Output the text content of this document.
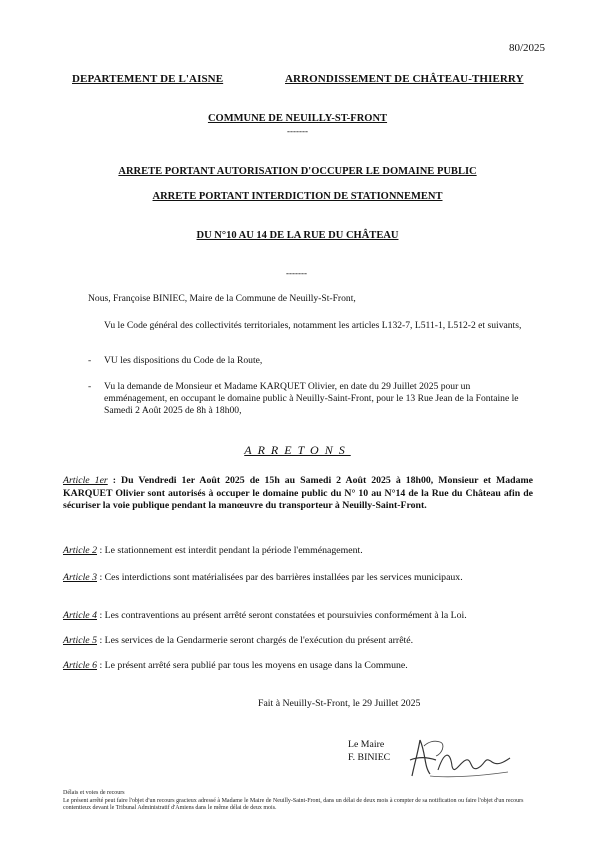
80/2025
DEPARTEMENT DE L'AISNE	ARRONDISSEMENT DE CHÂTEAU-THIERRY
COMMUNE DE NEUILLY-ST-FRONT
-------
ARRETE PORTANT AUTORISATION D'OCCUPER LE DOMAINE PUBLIC
ARRETE PORTANT INTERDICTION DE STATIONNEMENT
DU N°10 AU 14 DE LA RUE DU CHÂTEAU
-------
Nous, Françoise BINIEC, Maire de la Commune de Neuilly-St-Front,
Vu le Code général des collectivités territoriales, notamment les articles L132-7, L511-1, L512-2 et suivants,
- VU les dispositions du Code de la Route,
- Vu la demande de Monsieur et Madame KARQUET Olivier, en date du 29 Juillet 2025 pour un emménagement, en occupant le domaine public à Neuilly-Saint-Front, pour le 13 Rue Jean de la Fontaine le Samedi 2 Août 2025 de 8h à 18h00,
ARRETONS
Article 1er : Du Vendredi 1er Août 2025 de 15h au Samedi 2 Août 2025 à 18h00, Monsieur et Madame KARQUET Olivier sont autorisés à occuper le domaine public du N° 10 au N°14 de la Rue du Château afin de sécuriser la voie publique pendant la manœuvre du transporteur à Neuilly-Saint-Front.
Article 2 : Le stationnement est interdit pendant la période l'emménagement.
Article 3 : Ces interdictions sont matérialisées par des barrières installées par les services municipaux.
Article 4 : Les contraventions au présent arrêté seront constatées et poursuivies conformément à la Loi.
Article 5 : Les services de la Gendarmerie seront chargés de l'exécution du présent arrêté.
Article 6 : Le présent arrêté sera publié par tous les moyens en usage dans la Commune.
Fait à Neuilly-St-Front, le 29 Juillet 2025
Le Maire
F. BINIEC
Délais et voies de recours
Le présent arrêté peut faire l'objet d'un recours gracieux adressé à Madame le Maire de Neuilly-Saint-Front, dans un délai de deux mois à compter de sa notification ou faire l'objet d'un recours contentieux devant le Tribunal Administratif d'Amiens dans le même délai de deux mois.
